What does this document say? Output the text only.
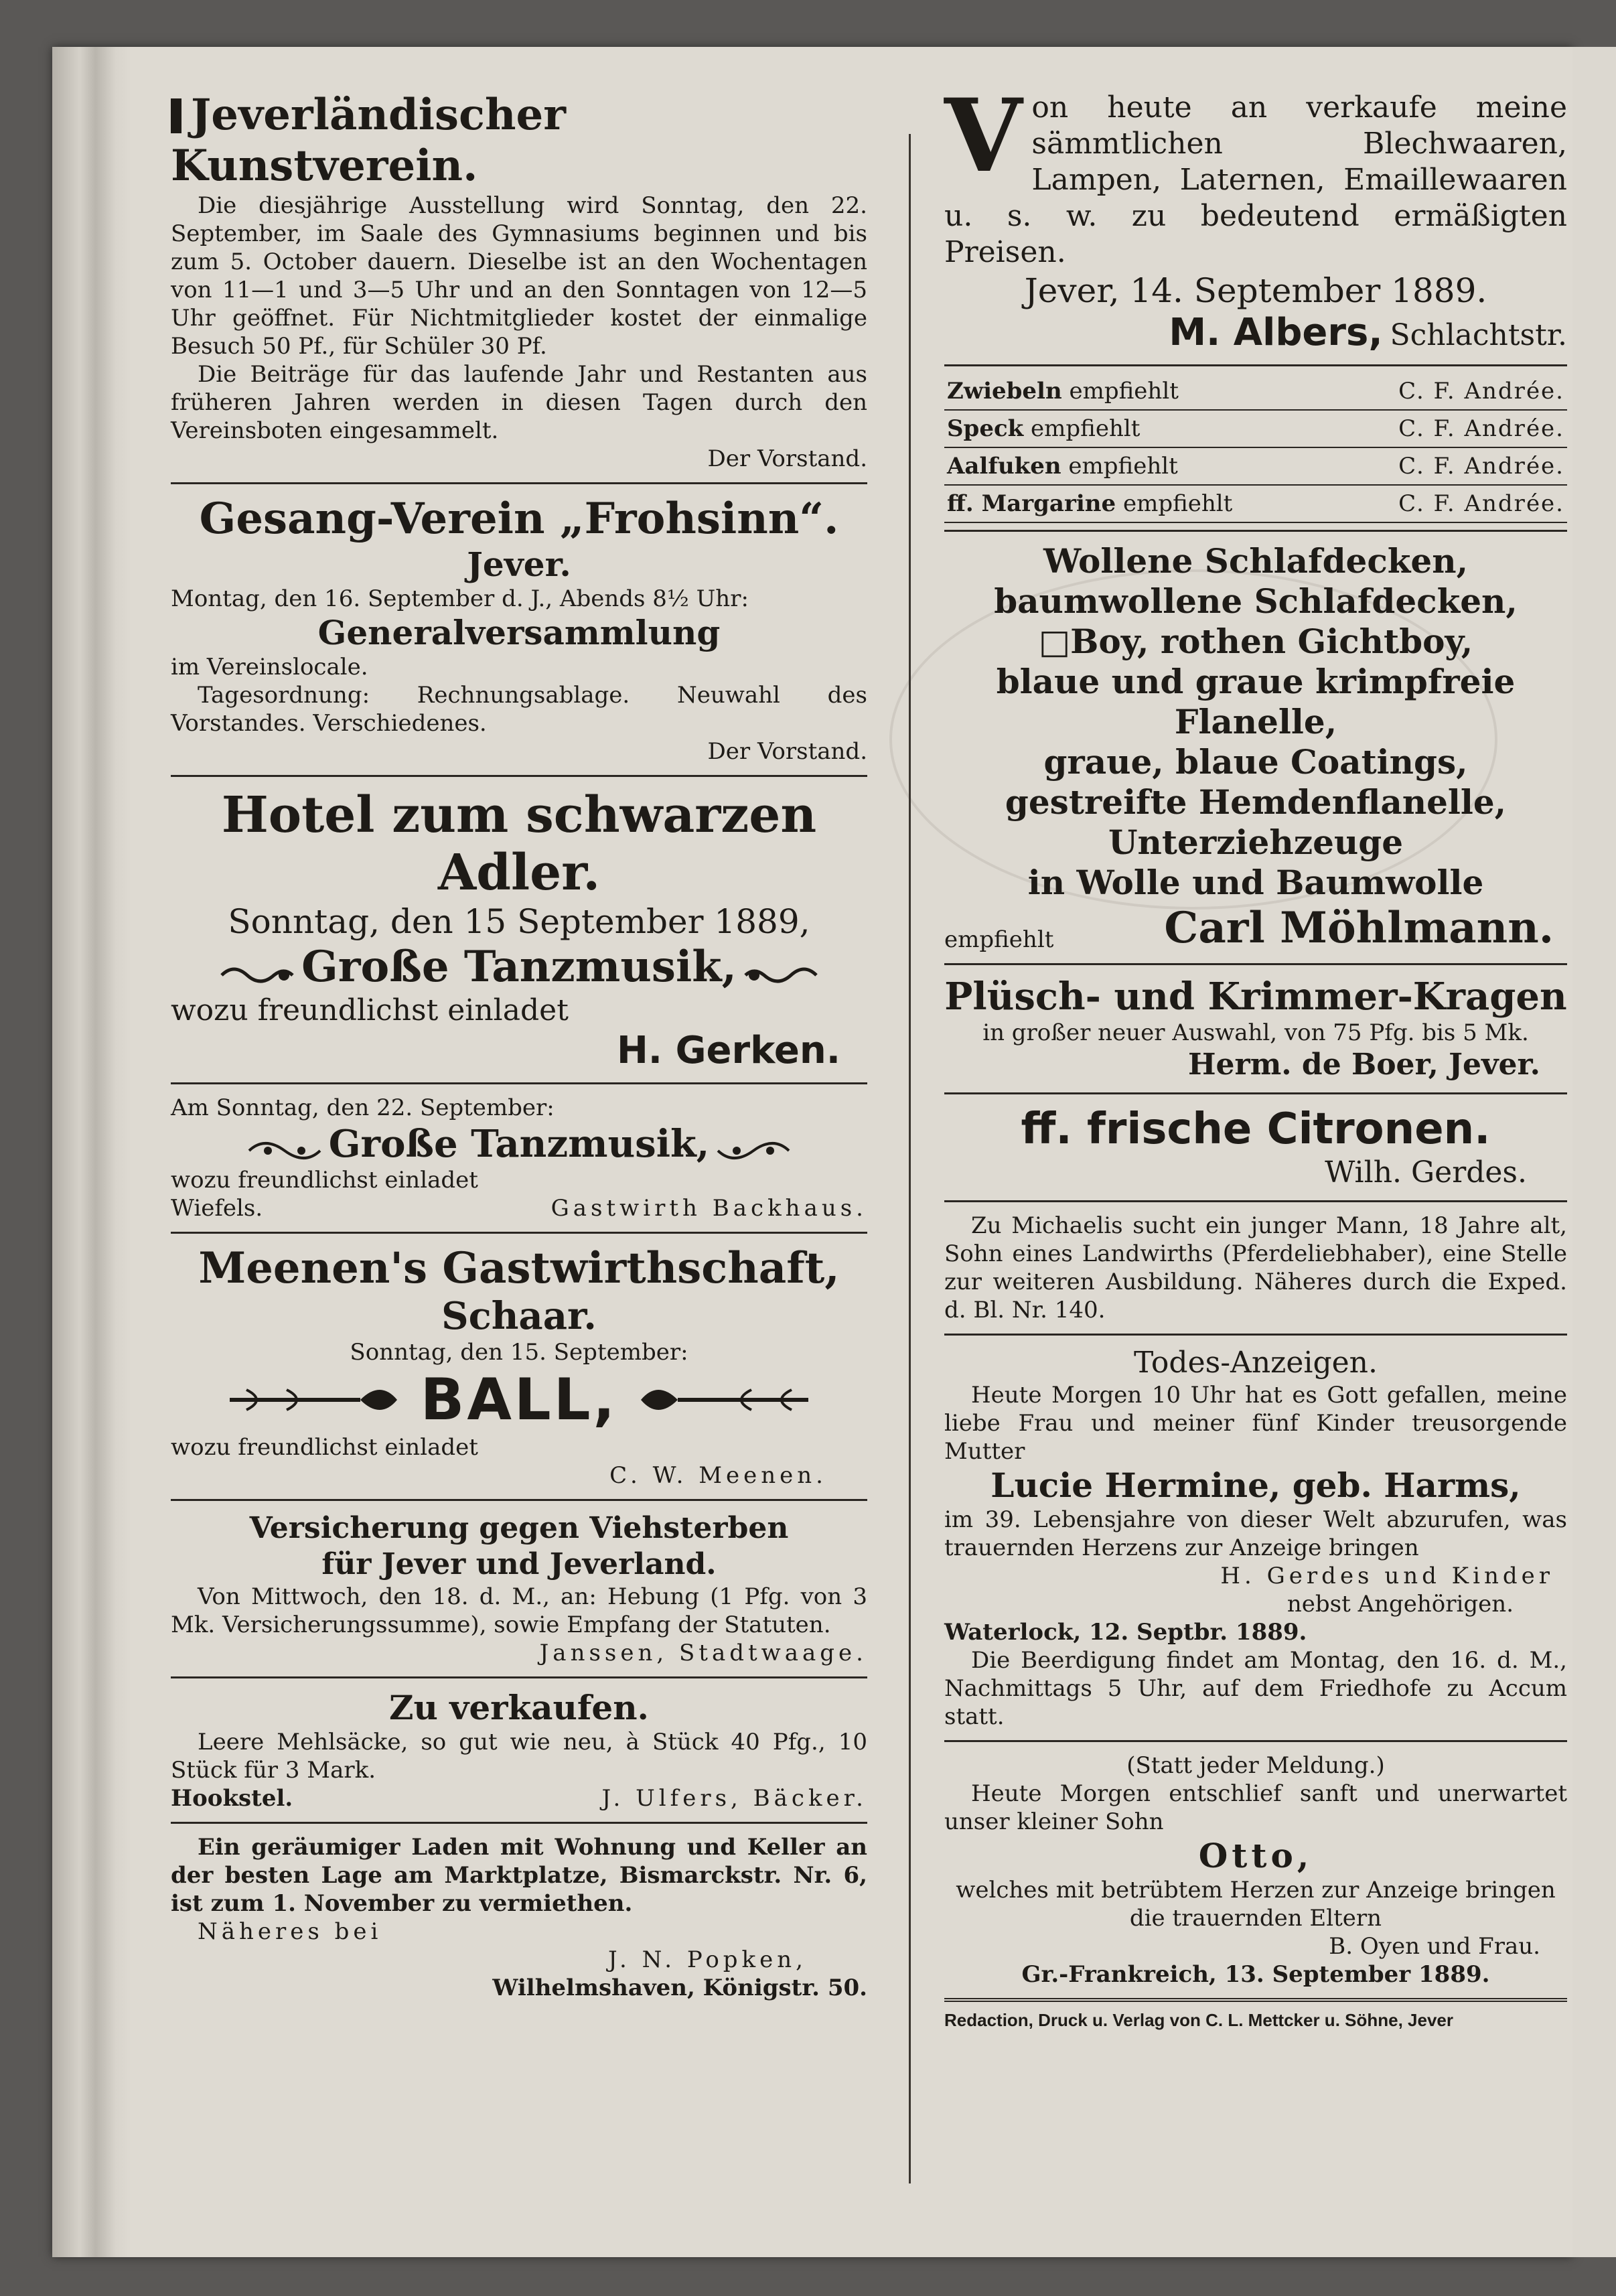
Jeverländischer Kunstverein.
Die diesjährige Ausstellung wird Sonntag, den 22. September, im Saale des Gymnasiums beginnen und bis zum 5. October dauern. Dieselbe ist an den Wochentagen von 11—1 und 3—5 Uhr und an den Sonntagen von 12—5 Uhr geöffnet. Für Nichtmitglieder kostet der einmalige Besuch 50 Pf., für Schüler 30 Pf.
Die Beiträge für das laufende Jahr und Restanten aus früheren Jahren werden in diesen Tagen durch den Vereinsboten eingesammelt.
Der Vorstand.
Gesang-Verein „Frohsinn“.
Jever.
Montag, den 16. September d. J., Abends 8½ Uhr:
Generalversammlung
im Vereinslocale.
Tagesordnung: Rechnungsablage. Neuwahl des Vorstandes. Verschiedenes.
Der Vorstand.
Hotel zum schwarzen Adler.
Sonntag, den 15 September 1889,
Große Tanzmusik,
wozu freundlichst einladet
H. Gerken.
Am Sonntag, den 22. September:
Große Tanzmusik,
wozu freundlichst einladet
Wiefels.	Gastwirth Backhaus.
Meenen's Gastwirthschaft,
Schaar.
Sonntag, den 15. September:
BALL,
wozu freundlichst einladet
C. W. Meenen.
Versicherung gegen Viehsterben
für Jever und Jeverland.
Von Mittwoch, den 18. d. M., an: Hebung (1 Pfg. von 3 Mk. Versicherungssumme), sowie Empfang der Statuten.
Janssen, Stadtwaage.
Zu verkaufen.
Leere Mehlsäcke, so gut wie neu, à Stück 40 Pfg., 10 Stück für 3 Mark.
Hookstel.	J. Ulfers, Bäcker.
Ein geräumiger Laden mit Wohnung und Keller an der besten Lage am Marktplatze, Bismarckstr. Nr. 6, ist zum 1. November zu vermiethen.
Näheres bei
J. N. Popken,
Wilhelmshaven, Königstr. 50.
Von heute an verkaufe meine sämmtlichen Blechwaaren, Lampen, Laternen, Emaillewaaren u. s. w. zu bedeutend ermäßigten Preisen.
Jever, 14. September 1889.
M. Albers, Schlachtstr.
Zwiebeln empfiehlt	C. F. Andrée.
Speck empfiehlt	C. F. Andrée.
Aalfuken empfiehlt	C. F. Andrée.
ff. Margarine empfiehlt	C. F. Andrée.
Wollene Schlafdecken,
baumwollene Schlafdecken,
□Boy, rothen Gichtboy,
blaue und graue krimpfreie Flanelle,
graue, blaue Coatings,
gestreifte Hemdenflanelle,
Unterziehzeuge
in Wolle und Baumwolle
empfiehlt	Carl Möhlmann.
Plüsch- und Krimmer-Kragen
in großer neuer Auswahl, von 75 Pfg. bis 5 Mk.
Herm. de Boer, Jever.
ff. frische Citronen.
Wilh. Gerdes.
Zu Michaelis sucht ein junger Mann, 18 Jahre alt, Sohn eines Landwirths (Pferdeliebhaber), eine Stelle zur weiteren Ausbildung. Näheres durch die Exped. d. Bl. Nr. 140.
Todes-Anzeigen.
Heute Morgen 10 Uhr hat es Gott gefallen, meine liebe Frau und meiner fünf Kinder treusorgende Mutter
Lucie Hermine, geb. Harms,
im 39. Lebensjahre von dieser Welt abzurufen, was trauernden Herzens zur Anzeige bringen
H. Gerdes und Kinder
nebst Angehörigen.
Waterlock, 12. Septbr. 1889.
Die Beerdigung findet am Montag, den 16. d. M., Nachmittags 5 Uhr, auf dem Friedhofe zu Accum statt.
(Statt jeder Meldung.)
Heute Morgen entschlief sanft und unerwartet unser kleiner Sohn
Otto,
welches mit betrübtem Herzen zur Anzeige bringen
die trauernden Eltern
B. Oyen und Frau.
Gr.-Frankreich, 13. September 1889.
Redaction, Druck u. Verlag von C. L. Mettcker u. Söhne, Jever
